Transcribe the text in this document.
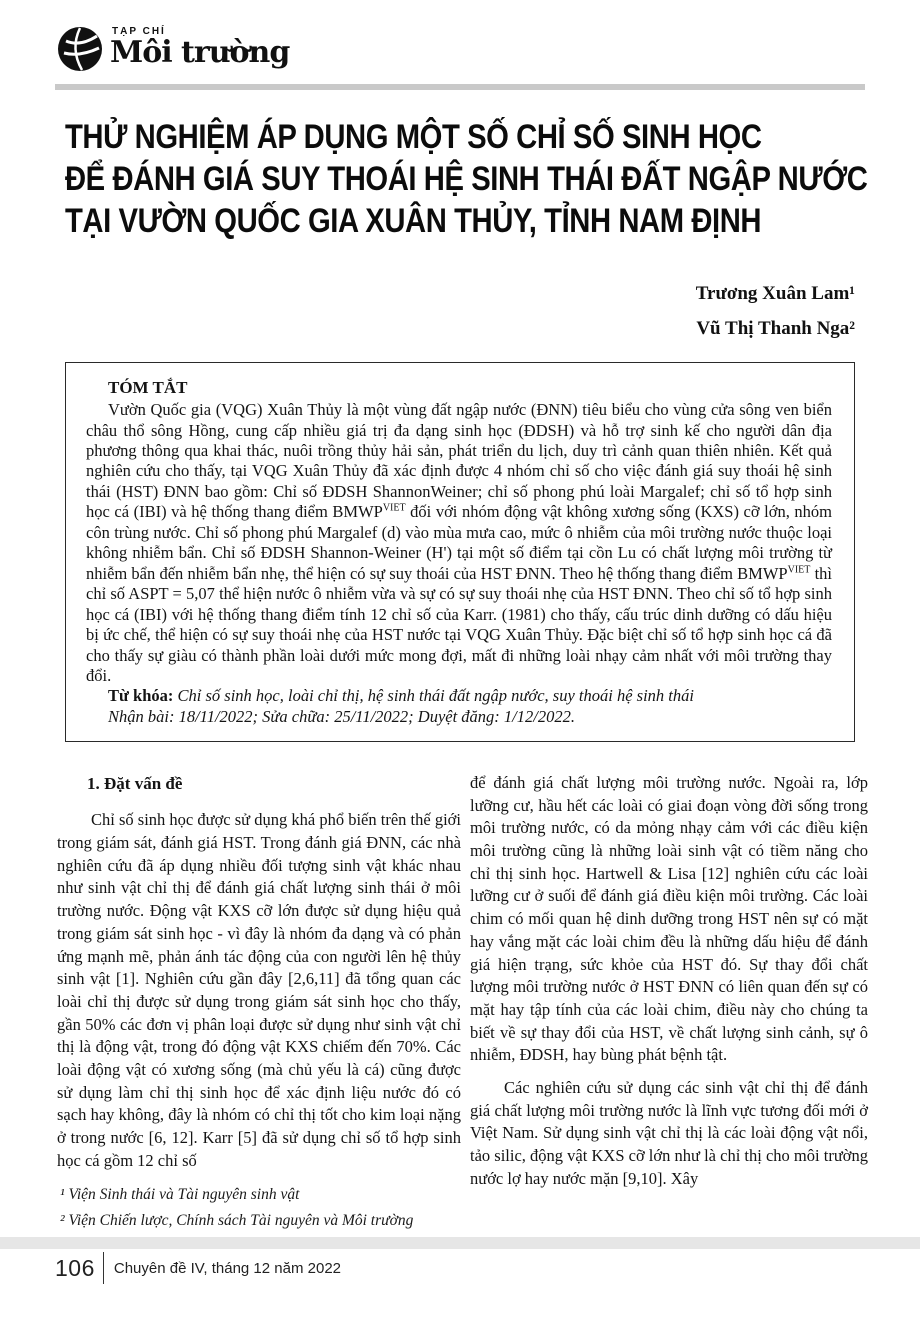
TẠP CHÍ
Môi trường
THỬ NGHIỆM ÁP DỤNG MỘT SỐ CHỈ SỐ SINH HỌC
ĐỂ ĐÁNH GIÁ SUY THOÁI HỆ SINH THÁI ĐẤT NGẬP NƯỚC
TẠI VƯỜN QUỐC GIA XUÂN THỦY, TỈNH NAM ĐỊNH
Trương Xuân Lam¹
Vũ Thị Thanh Nga²
TÓM TẮT
Vườn Quốc gia (VQG) Xuân Thủy là một vùng đất ngập nước (ĐNN) tiêu biểu cho vùng cửa sông ven biển châu thổ sông Hồng, cung cấp nhiều giá trị đa dạng sinh học (ĐDSH) và hỗ trợ sinh kế cho người dân địa phương thông qua khai thác, nuôi trồng thủy hải sản, phát triển du lịch, duy trì cảnh quan thiên nhiên. Kết quả nghiên cứu cho thấy, tại VQG Xuân Thủy đã xác định được 4 nhóm chỉ số cho việc đánh giá suy thoái hệ sinh thái (HST) ĐNN bao gồm: Chỉ số ĐDSH ShannonWeiner; chỉ số phong phú loài Margalef; chỉ số tổ hợp sinh học cá (IBI) và hệ thống thang điểm $BMWP^{VIET}$ đối với nhóm động vật không xương sống (KXS) cỡ lớn, nhóm côn trùng nước. Chỉ số phong phú Margalef (d) vào mùa mưa cao, mức ô nhiễm của môi trường nước thuộc loại không nhiễm bẩn. Chỉ số ĐDSH Shannon-Weiner (H') tại một số điểm tại cồn Lu có chất lượng môi trường từ nhiễm bẩn đến nhiễm bẩn nhẹ, thể hiện có sự suy thoái của HST ĐNN. Theo hệ thống thang điểm $BMWP^{VIET}$ thì chỉ số ASPT = 5,07 thể hiện nước ô nhiễm vừa và sự có sự suy thoái nhẹ của HST ĐNN. Theo chỉ số tổ hợp sinh học cá (IBI) với hệ thống thang điểm tính 12 chỉ số của Karr. (1981) cho thấy, cấu trúc dinh dưỡng có dấu hiệu bị ức chế, thể hiện có sự suy thoái nhẹ của HST nước tại VQG Xuân Thủy. Đặc biệt chỉ số tổ hợp sinh học cá đã cho thấy sự giàu có thành phần loài dưới mức mong đợi, mất đi những loài nhạy cảm nhất với môi trường thay đổi.
Từ khóa: Chỉ số sinh học, loài chỉ thị, hệ sinh thái đất ngập nước, suy thoái hệ sinh thái
Nhận bài: 18/11/2022; Sửa chữa: 25/11/2022; Duyệt đăng: 1/12/2022.
1. Đặt vấn đề

Chỉ số sinh học được sử dụng khá phổ biến trên thế giới trong giám sát, đánh giá HST. Trong đánh giá ĐNN, các nhà nghiên cứu đã áp dụng nhiều đối tượng sinh vật khác nhau như sinh vật chỉ thị để đánh giá chất lượng sinh thái ở môi trường nước. Động vật KXS cỡ lớn được sử dụng hiệu quả trong giám sát sinh học - vì đây là nhóm đa dạng và có phản ứng mạnh mẽ, phản ánh tác động của con người lên hệ thủy sinh vật [1]. Nghiên cứu gần đây [2,6,11] đã tổng quan các loài chỉ thị được sử dụng trong giám sát sinh học cho thấy, gần 50% các đơn vị phân loại được sử dụng như sinh vật chỉ thị là động vật, trong đó động vật KXS chiếm đến 70%. Các loài động vật có xương sống (mà chủ yếu là cá) cũng được sử dụng làm chỉ thị sinh học để xác định liệu nước đó có sạch hay không, đây là nhóm có chỉ thị tốt cho kim loại nặng ở trong nước [6, 12]. Karr [5] đã sử dụng chỉ số tổ hợp sinh học cá gồm 12 chỉ số

để đánh giá chất lượng môi trường nước. Ngoài ra, lớp lưỡng cư, hầu hết các loài có giai đoạn vòng đời sống trong môi trường nước, có da mỏng nhạy cảm với các điều kiện môi trường cũng là những loài sinh vật có tiềm năng cho chỉ thị sinh học. Hartwell & Lisa [12] nghiên cứu các loài lưỡng cư ở suối để đánh giá điều kiện môi trường. Các loài chim có mối quan hệ dinh dưỡng trong HST nên sự có mặt hay vắng mặt các loài chim đều là những dấu hiệu để đánh giá hiện trạng, sức khỏe của HST đó. Sự thay đổi chất lượng môi trường nước ở HST ĐNN có liên quan đến sự có mặt hay tập tính của các loài chim, điều này cho chúng ta biết về sự thay đổi của HST, về chất lượng sinh cảnh, sự ô nhiễm, ĐDSH, hay bùng phát bệnh tật.

Các nghiên cứu sử dụng các sinh vật chỉ thị để đánh giá chất lượng môi trường nước là lĩnh vực tương đối mới ở Việt Nam. Sử dụng sinh vật chỉ thị là các loài động vật nổi, tảo silic, động vật KXS cỡ lớn như là chỉ thị cho môi trường nước lợ hay nước mặn [9,10]. Xây

¹ Viện Sinh thái và Tài nguyên sinh vật
² Viện Chiến lược, Chính sách Tài nguyên và Môi trường
106 Chuyên đề IV, tháng 12 năm 2022
